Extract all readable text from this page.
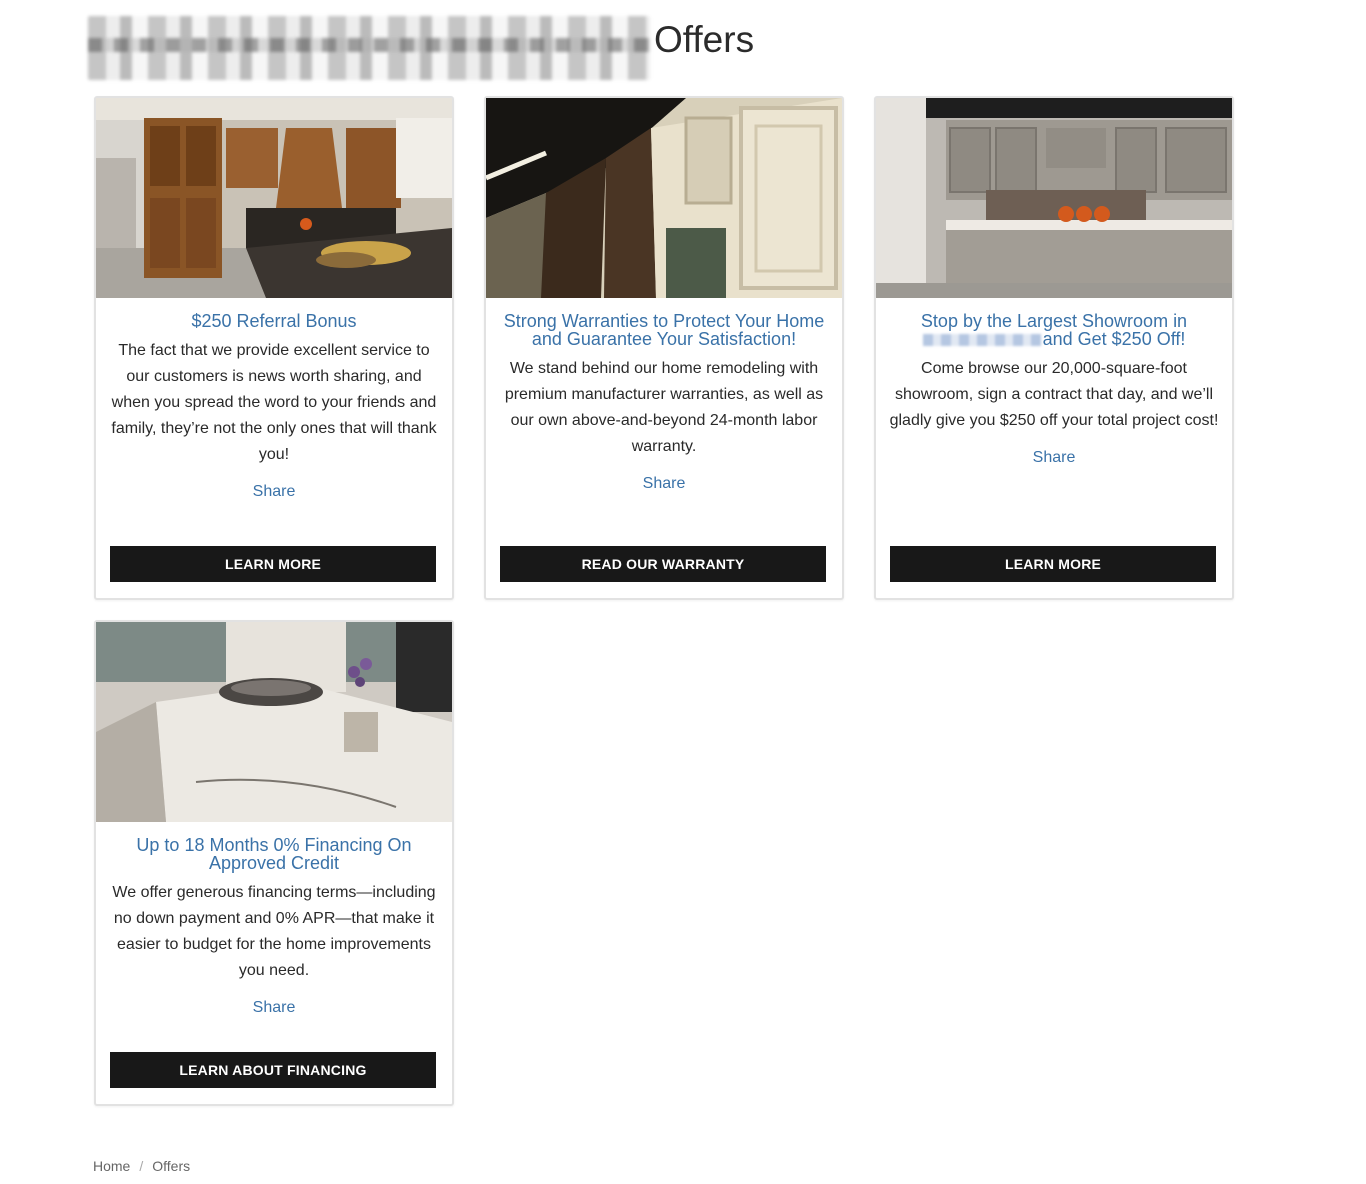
Offers
$250 Referral Bonus

The fact that we provide excellent service to our customers is news worth sharing, and when you spread the word to your friends and family, they’re not the only ones that will thank you!

Share
LEARN MORE
Strong Warranties to Protect Your Home and Guarantee Your Satisfaction!

We stand behind our home remodeling with premium manufacturer warranties, as well as our own above-and-beyond 24-month labor warranty.

Share
READ OUR WARRANTY
Stop by the Largest Showroom in
and Get $250 Off!

Come browse our 20,000-square-foot showroom, sign a contract that day, and we’ll gladly give you $250 off your total project cost!

Share
LEARN MORE
Up to 18 Months 0% Financing On Approved Credit

We offer generous financing terms—including no down payment and 0% APR—that make it easier to budget for the home improvements you need.

Share
LEARN ABOUT FINANCING
Home / Offers
